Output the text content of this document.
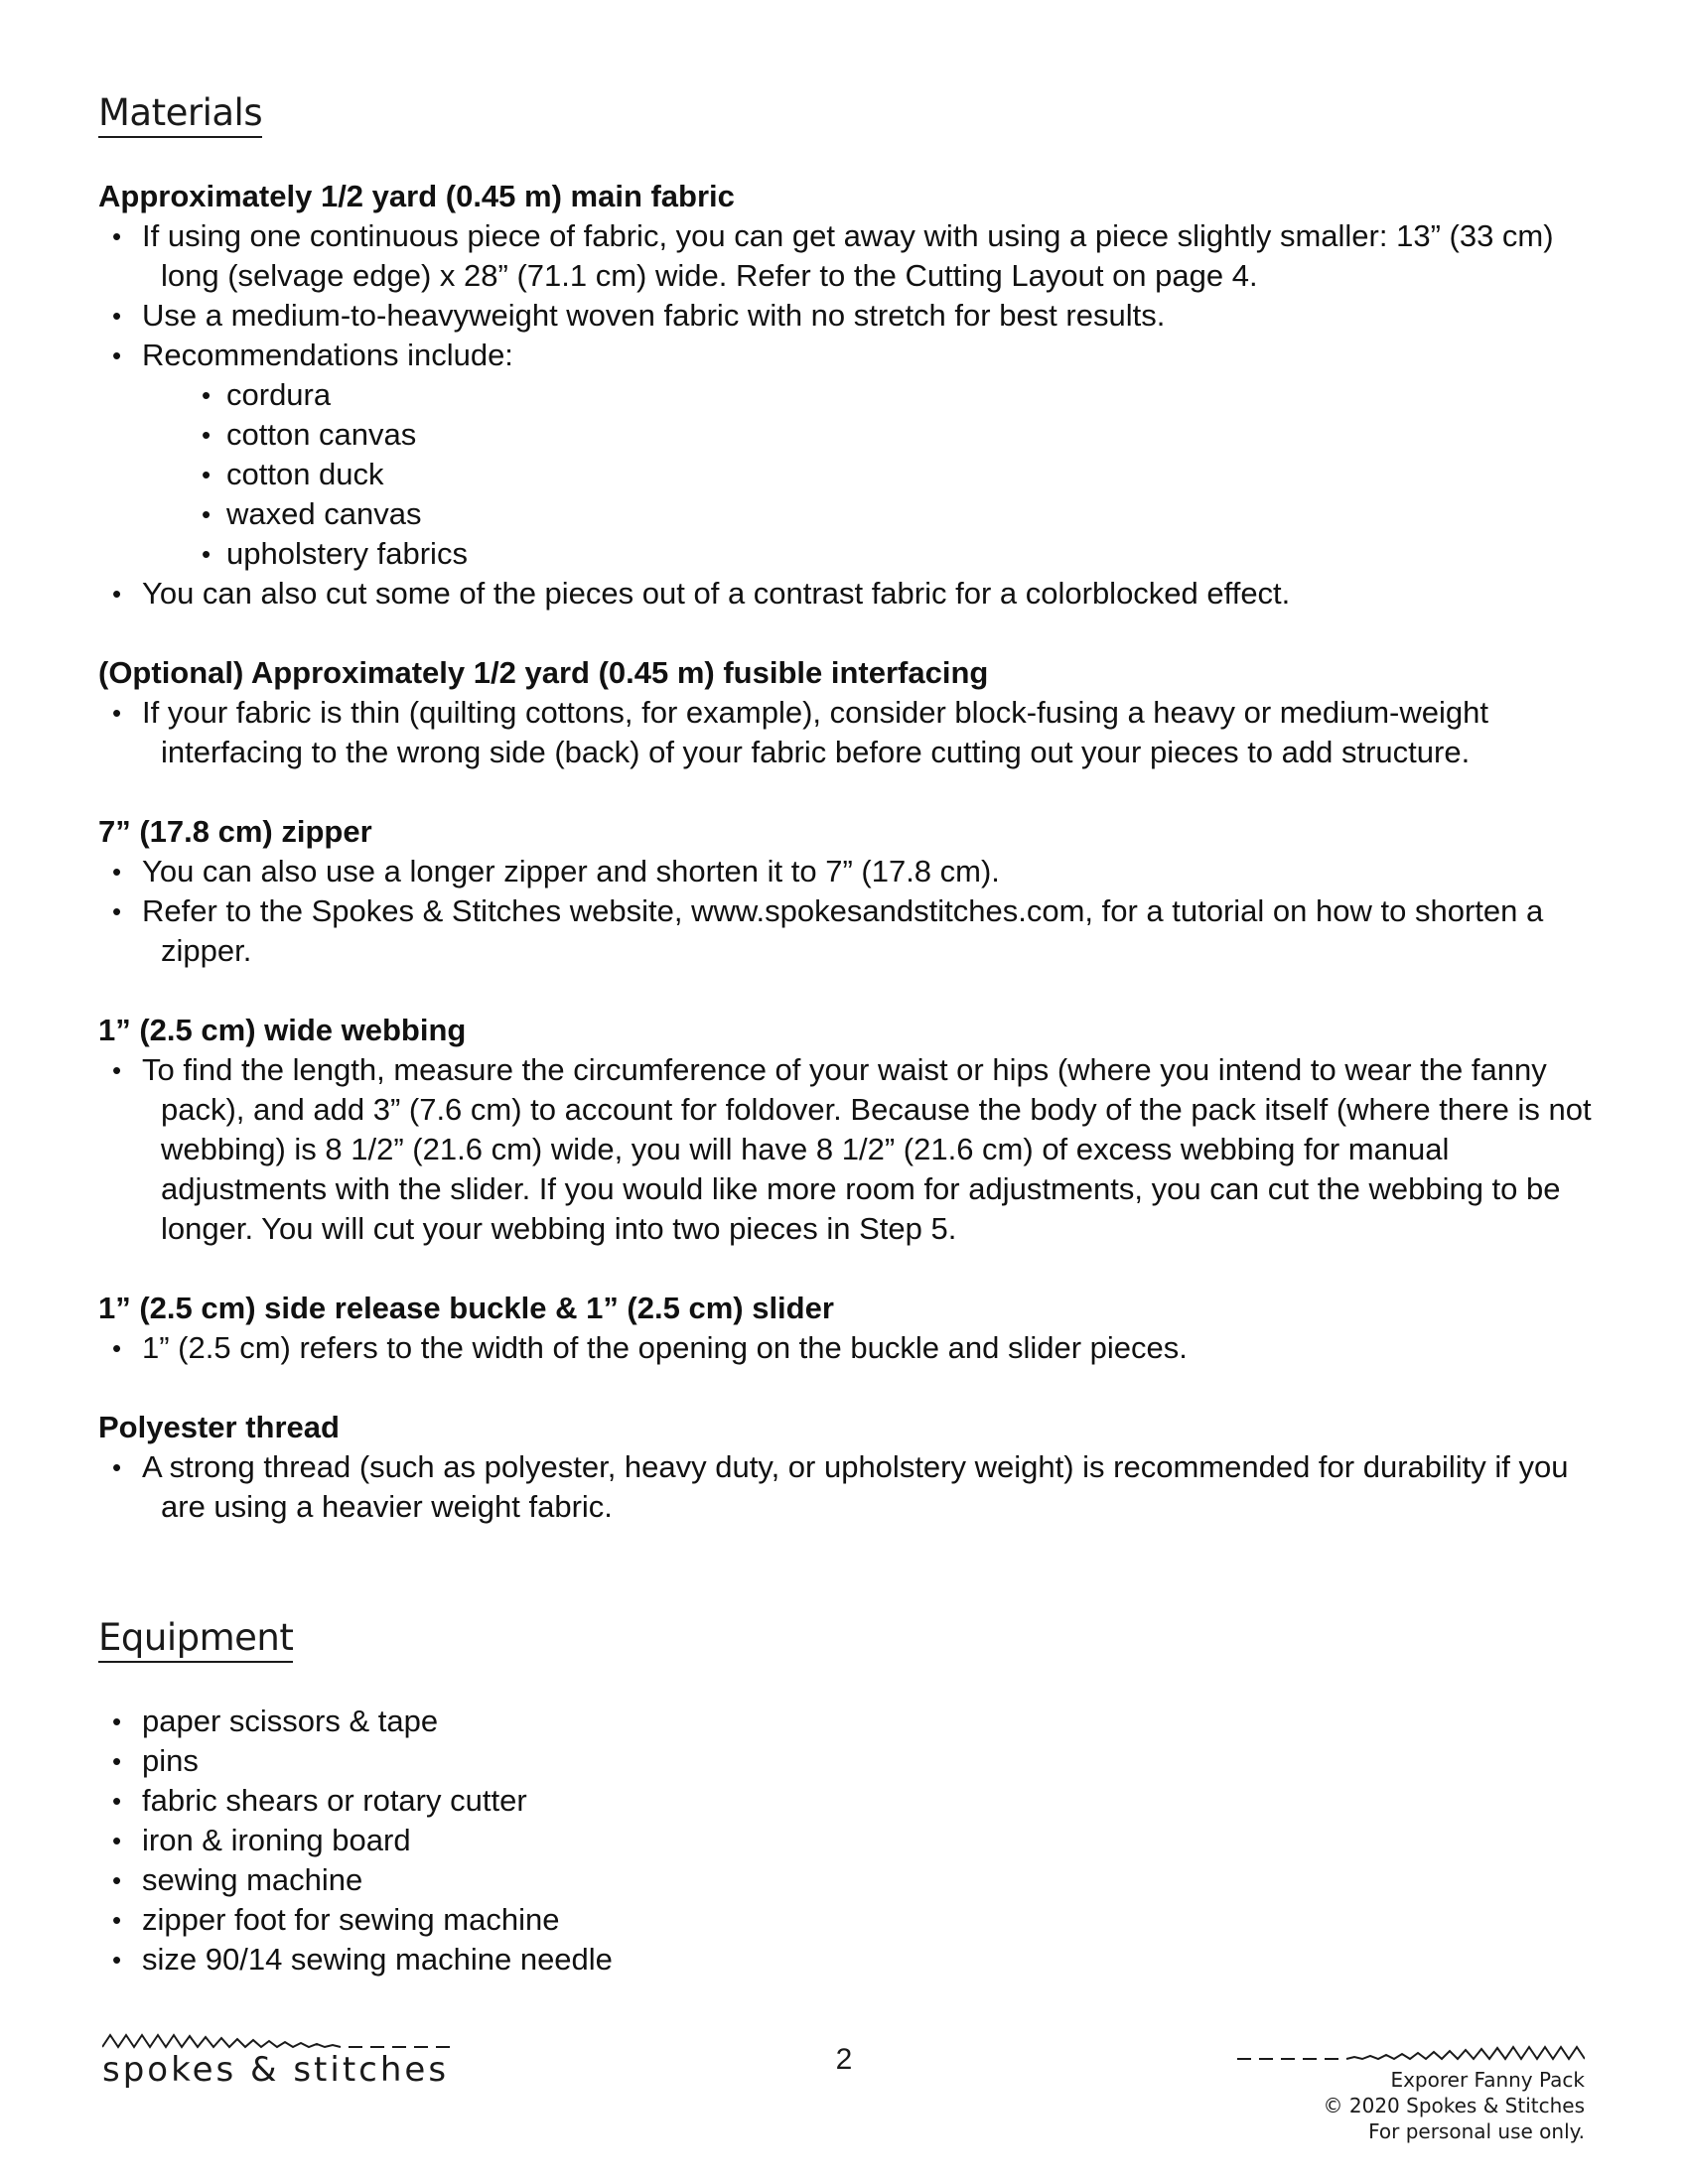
Materials

Approximately 1/2 yard (0.45 m) main fabric

• If using one continuous piece of fabric, you can get away with using a piece slightly smaller: 13” (33 cm) long (selvage edge) x 28” (71.1 cm) wide. Refer to the Cutting Layout on page 4.
• Use a medium-to-heavyweight woven fabric with no stretch for best results.
• Recommendations include:
• cordura
• cotton canvas
• cotton duck
• waxed canvas
• upholstery fabrics
• You can also cut some of the pieces out of a contrast fabric for a colorblocked effect.

(Optional) Approximately 1/2 yard (0.45 m) fusible interfacing

• If your fabric is thin (quilting cottons, for example), consider block-fusing a heavy or medium-weight interfacing to the wrong side (back) of your fabric before cutting out your pieces to add structure.

7” (17.8 cm) zipper

• You can also use a longer zipper and shorten it to 7” (17.8 cm).
• Refer to the Spokes & Stitches website, www.spokesandstitches.com, for a tutorial on how to shorten a zipper.

1” (2.5 cm) wide webbing

• To find the length, measure the circumference of your waist or hips (where you intend to wear the fanny pack), and add 3” (7.6 cm) to account for foldover. Because the body of the pack itself (where there is not webbing) is 8 1/2” (21.6 cm) wide, you will have 8 1/2” (21.6 cm) of excess webbing for manual adjustments with the slider. If you would like more room for adjustments, you can cut the webbing to be longer. You will cut your webbing into two pieces in Step 5.

1” (2.5 cm) side release buckle & 1” (2.5 cm) slider

• 1” (2.5 cm) refers to the width of the opening on the buckle and slider pieces.

Polyester thread

• A strong thread (such as polyester, heavy duty, or upholstery weight) is recommended for durability if you are using a heavier weight fabric.
Equipment
• paper scissors & tape
• pins
• fabric shears or rotary cutter
• iron & ironing board
• sewing machine
• zipper foot for sewing machine
• size 90/14 sewing machine needle
spokes & stitches	2
Exporer Fanny Pack
© 2020 Spokes & Stitches
For personal use only.
